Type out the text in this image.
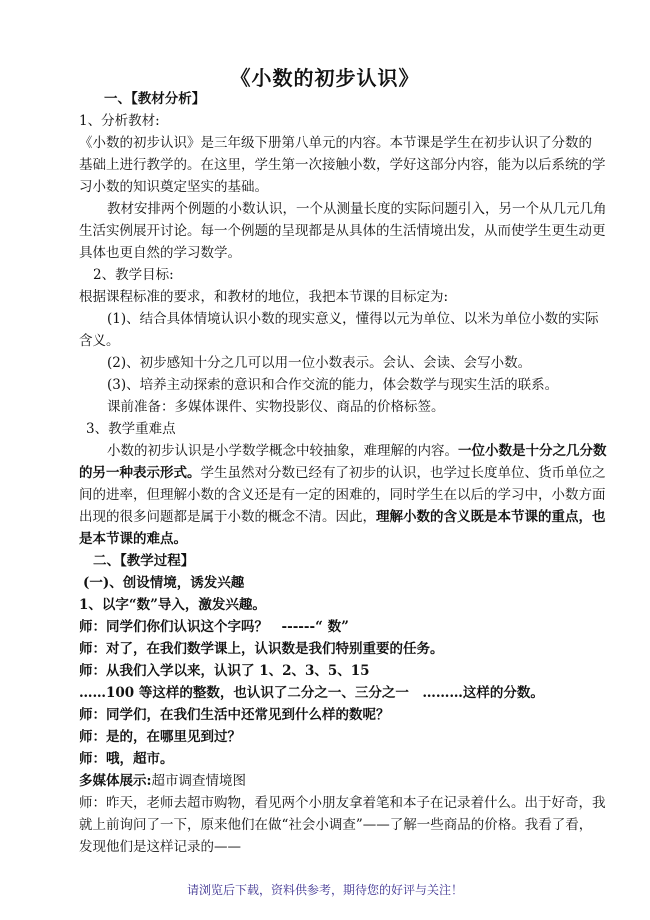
《小数的初步认识》
一、【教材分析】
1、分析教材:
《小数的初步认识》是三年级下册第八单元的内容。本节课是学生在初步认识了分数的
基础上进行教学的。在这里，学生第一次接触小数，学好这部分内容，能为以后系统的学
习小数的知识奠定坚实的基础。
教材安排两个例题的小数认识，一个从测量长度的实际问题引入，另一个从几元几角
生活实例展开讨论。每一个例题的呈现都是从具体的生活情境出发，从而使学生更生动更
具体也更自然的学习数学。
2、教学目标:
根据课程标准的要求，和教材的地位，我把本节课的目标定为:
(1)、结合具体情境认识小数的现实意义，懂得以元为单位、以米为单位小数的实际
含义。
(2)、初步感知十分之几可以用一位小数表示。会认、会读、会写小数。
(3)、培养主动探索的意识和合作交流的能力，体会数学与现实生活的联系。
课前准备：多媒体课件、实物投影仪、商品的价格标签。
3、教学重难点
小数的初步认识是小学数学概念中较抽象，难理解的内容。一位小数是十分之几分数
的另一种表示形式。学生虽然对分数已经有了初步的认识，也学过长度单位、货币单位之
间的进率，但理解小数的含义还是有一定的困难的，同时学生在以后的学习中，小数方面
出现的很多问题都是属于小数的概念不清。因此，理解小数的含义既是本节课的重点，也
是本节课的难点。
二、【教学过程】
(一)、创设情境，诱发兴趣
1、以字“数”导入，激发兴趣。
师：同学们你们认识这个字吗？　------“ 数”
师：对了，在我们数学课上，认识数是我们特别重要的任务。
师：从我们入学以来，认识了 1、2、3、5、15
……100 等这样的整数，也认识了二分之一、三分之一　………这样的分数。
师：同学们，在我们生活中还常见到什么样的数呢？
师：是的，在哪里见到过？
师：哦，超市。
多媒体展示:超市调查情境图
师：昨天，老师去超市购物，看见两个小朋友拿着笔和本子在记录着什么。出于好奇，我
就上前询问了一下，原来他们在做“社会小调查”——了解一些商品的价格。我看了看，
发现他们是这样记录的——
请浏览后下载，资料供参考，期待您的好评与关注！
